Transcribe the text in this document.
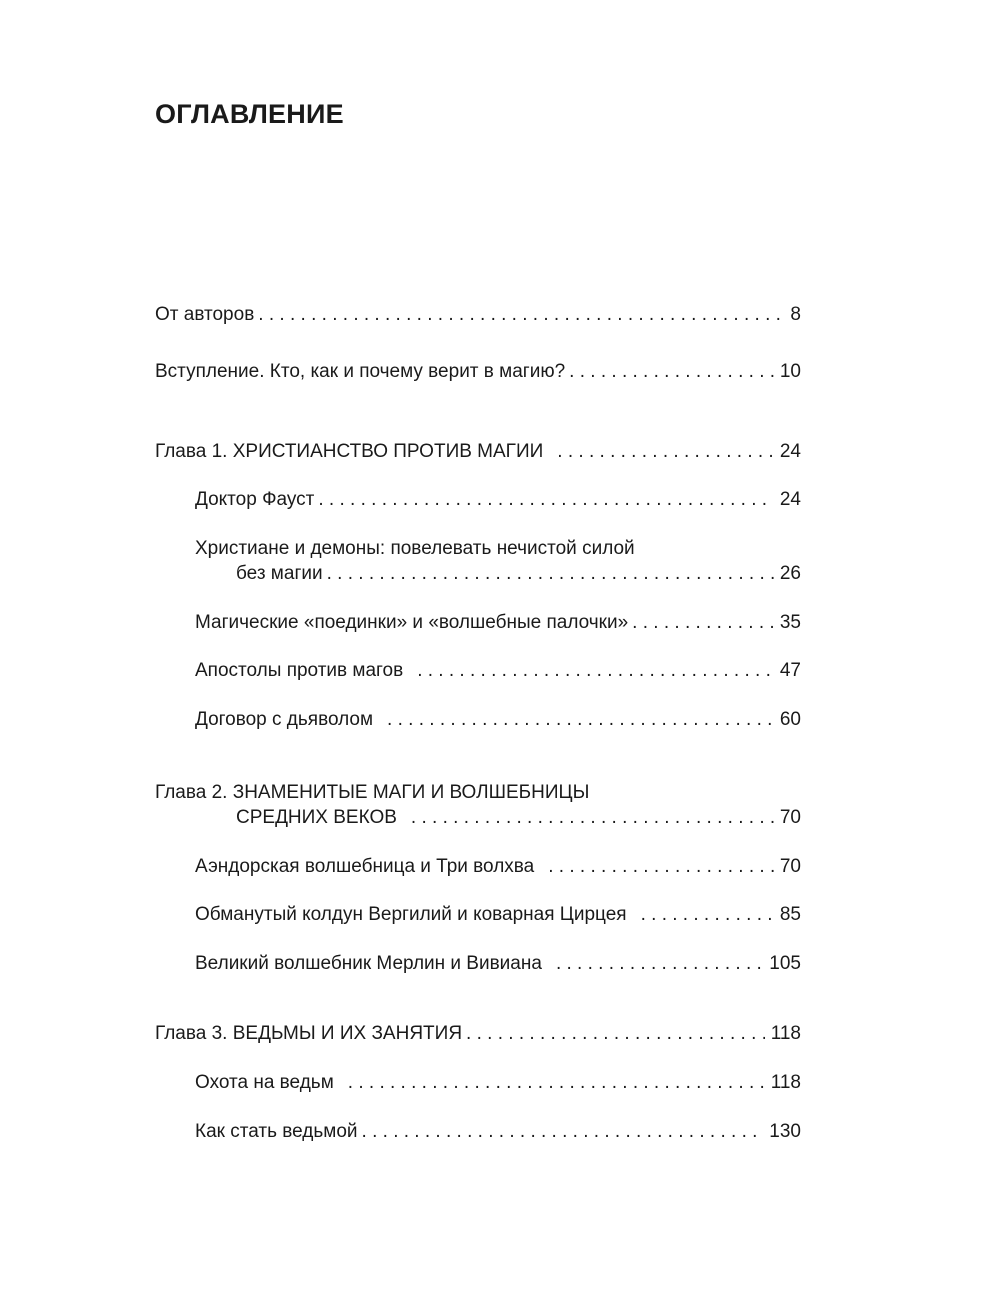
ОГЛАВЛЕНИЕ
От авторов . . .	8
Вступление. Кто, как и почему верит в магию? . . .	10
Глава 1. ХРИСТИАНСТВО ПРОТИВ МАГИИ . . .	24
Доктор Фауст . . .	24
Христиане и демоны: повелевать нечистой силой
без магии . . .	26
Магические «поединки» и «волшебные палочки» . . .	35
Апостолы против магов . . .	47
Договор с дьяволом . . .	60
Глава 2. ЗНАМЕНИТЫЕ МАГИ И ВОЛШЕБНИЦЫ
СРЕДНИХ ВЕКОВ . . .	70
Аэндорская волшебница и Три волхва . . .	70
Обманутый колдун Вергилий и коварная Цирцея . . .	85
Великий волшебник Мерлин и Вивиана . . .	105
Глава 3. ВЕДЬМЫ И ИХ ЗАНЯТИЯ . . .	118
Охота на ведьм . . .	118
Как стать ведьмой . . .	130
